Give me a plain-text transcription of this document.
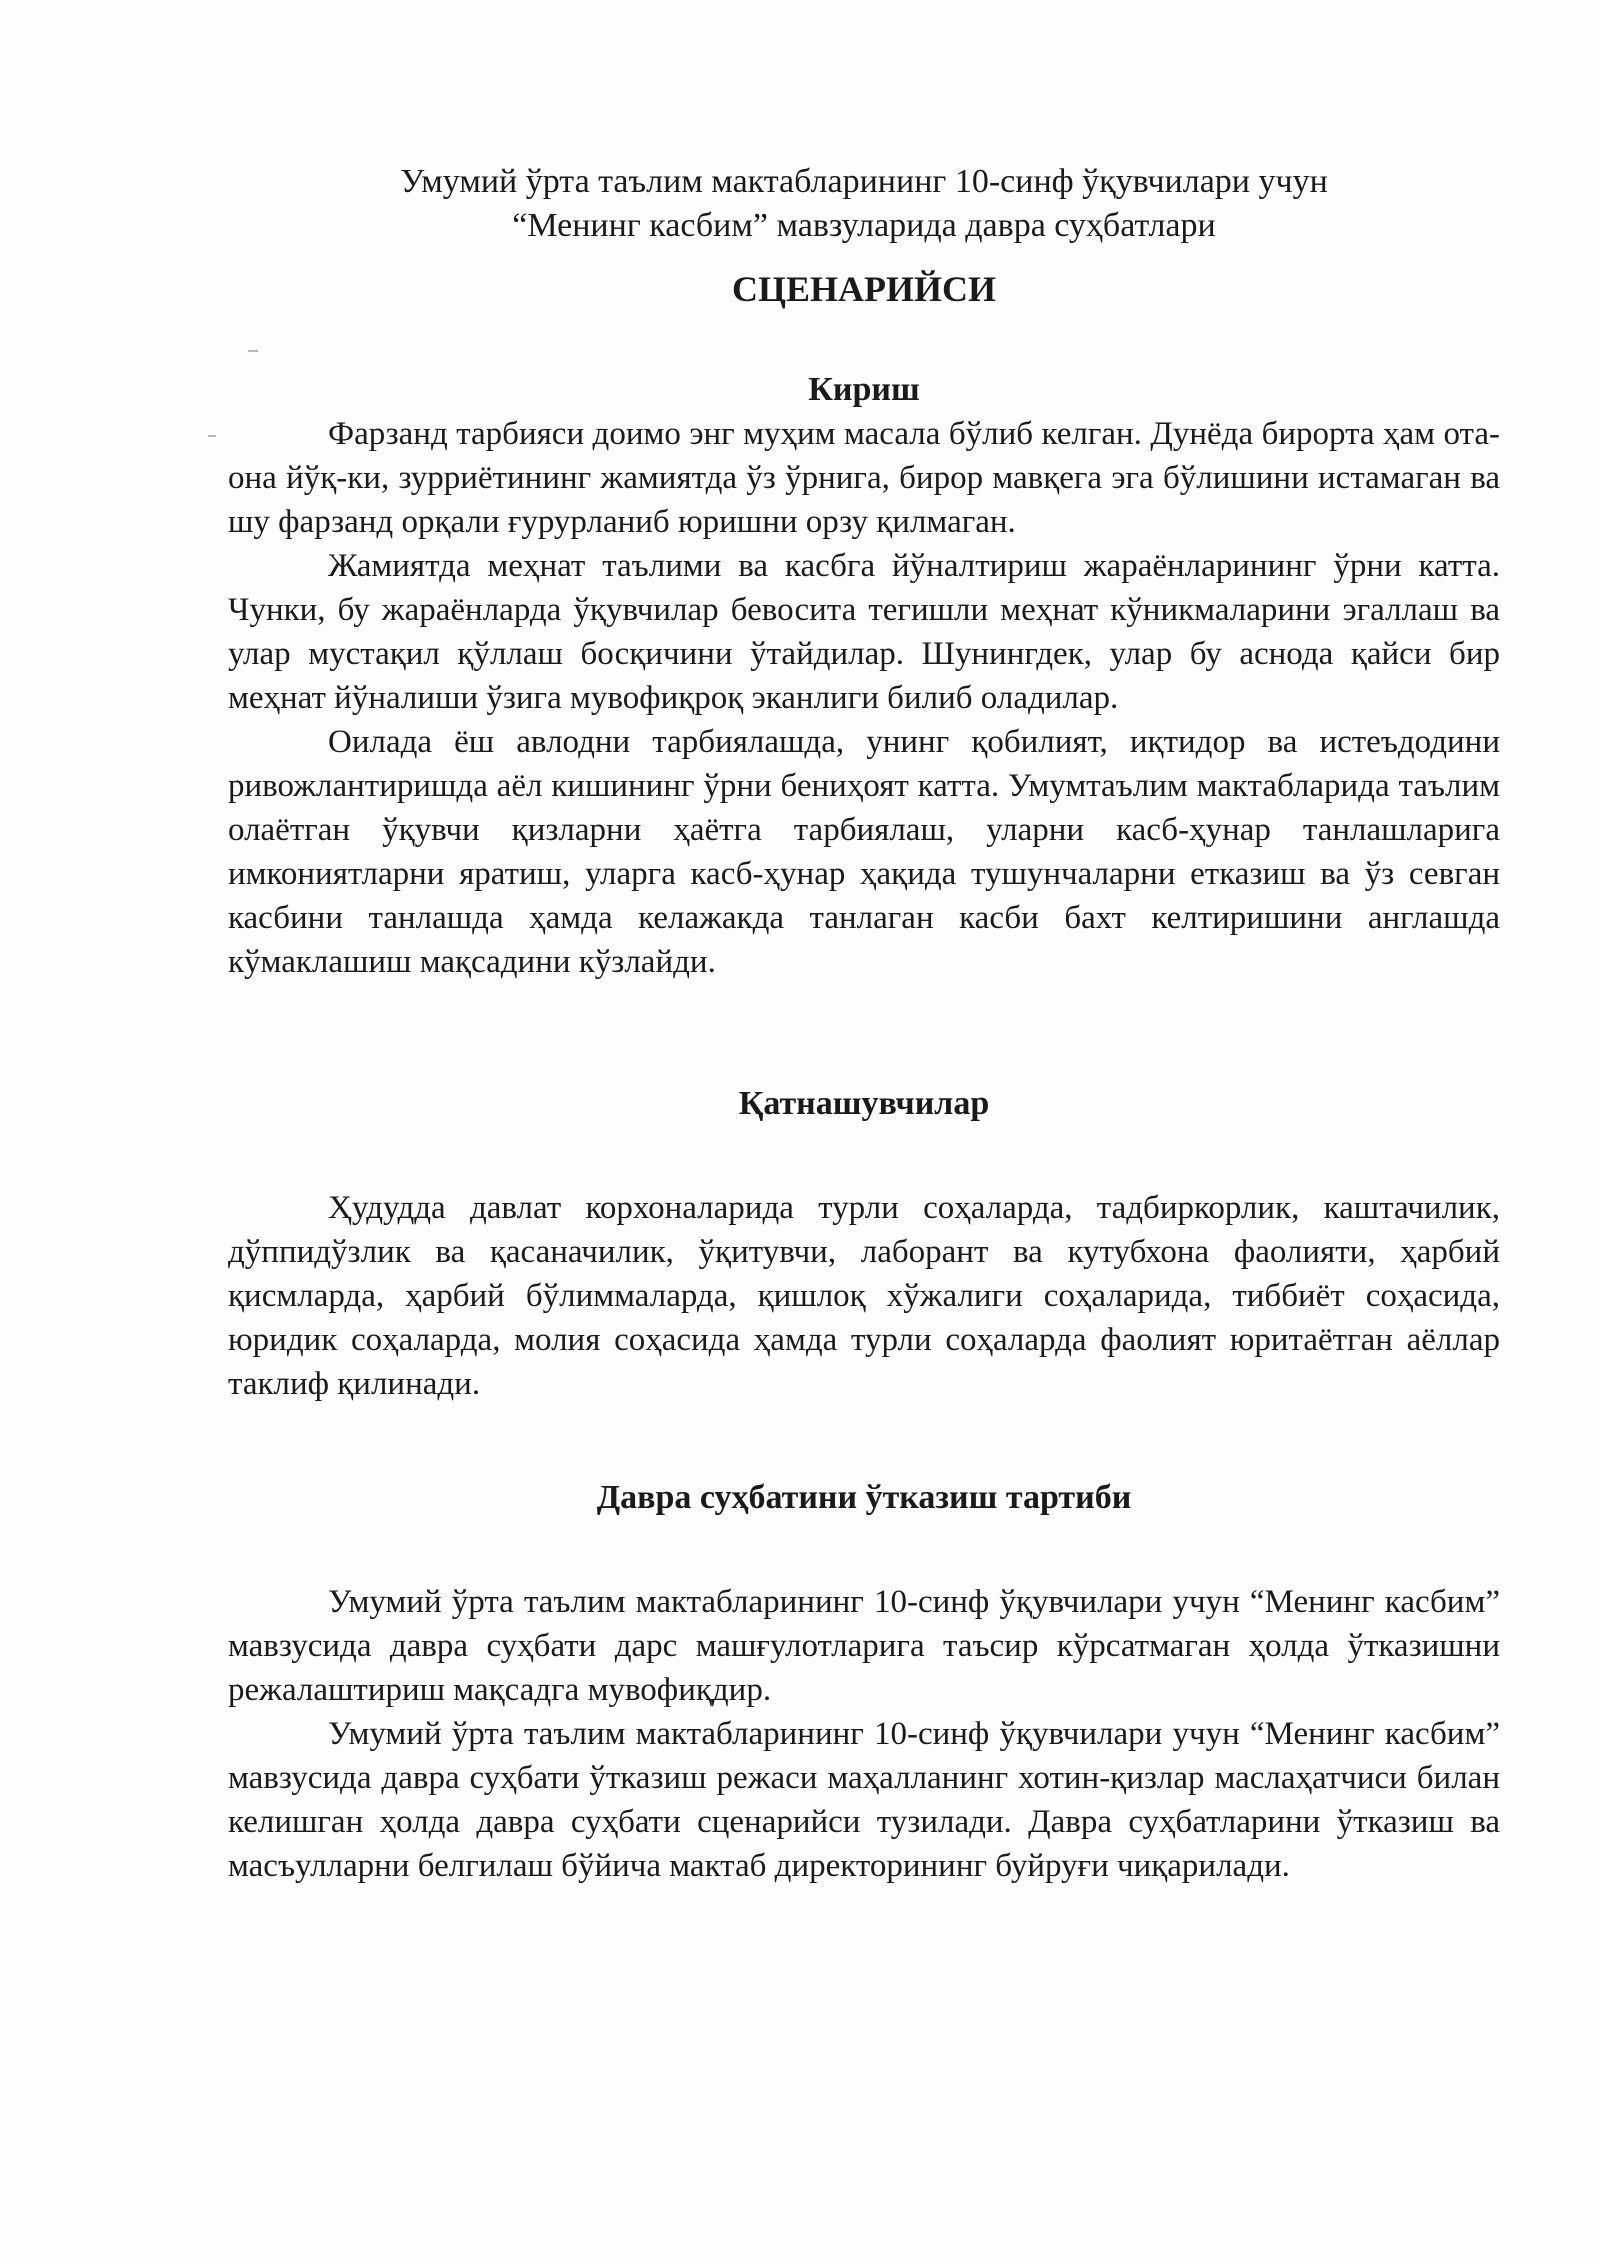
Умумий ўрта таълим мактабларининг 10-синф ўқувчилари учун

“Менинг касбим” мавзуларида давра суҳбатлари

СЦЕНАРИЙСИ

Кириш

Фарзанд тарбияси доимо энг муҳим масала бўлиб келган. Дунёда бирорта ҳам ота-она йўқ-ки, зурриётининг жамиятда ўз ўрнига, бирор мавқега эга бўлишини истамаган ва шу фарзанд орқали ғурурланиб юришни орзу қилмаган.

Жамиятда меҳнат таълими ва касбга йўналтириш жараёнларининг ўрни катта. Чунки, бу жараёнларда ўқувчилар бевосита тегишли меҳнат кўникмаларини эгаллаш ва улар мустақил қўллаш босқичини ўтайдилар. Шунингдек, улар бу аснода қайси бир меҳнат йўналиши ўзига мувофиқроқ эканлиги билиб оладилар.

Оилада ёш авлодни тарбиялашда, унинг қобилият, иқтидор ва истеъдодини ривожлантиришда аёл кишининг ўрни бениҳоят катта. Умумтаълим мактабларида таълим олаётган ўқувчи қизларни ҳаётга тарбиялаш, уларни касб-ҳунар танлашларига имкониятларни яратиш, уларга касб-ҳунар ҳақида тушунчаларни етказиш ва ўз севган касбини танлашда ҳамда келажакда танлаган касби бахт келтиришини англашда кўмаклашиш мақсадини кўзлайди.

Қатнашувчилар

Ҳудудда давлат корхоналарида турли соҳаларда, тадбиркорлик, каштачилик, дўппидўзлик ва қасаначилик, ўқитувчи, лаборант ва кутубхона фаолияти, ҳарбий қисмларда, ҳарбий бўлиммаларда, қишлоқ хўжалиги соҳаларида, тиббиёт соҳасида, юридик соҳаларда, молия соҳасида ҳамда турли соҳаларда фаолият юритаётган аёллар таклиф қилинади.

Давра суҳбатини ўтказиш тартиби

Умумий ўрта таълим мактабларининг 10-синф ўқувчилари учун “Менинг касбим” мавзусида давра суҳбати дарс машғулотларига таъсир кўрсатмаган ҳолда ўтказишни режалаштириш мақсадга мувофиқдир.

Умумий ўрта таълим мактабларининг 10-синф ўқувчилари учун “Менинг касбим” мавзусида давра суҳбати ўтказиш режаси маҳалланинг хотин-қизлар маслаҳатчиси билан келишган ҳолда давра суҳбати сценарийси тузилади. Давра суҳбатларини ўтказиш ва масъулларни белгилаш бўйича мактаб директорининг буйруғи чиқарилади.
